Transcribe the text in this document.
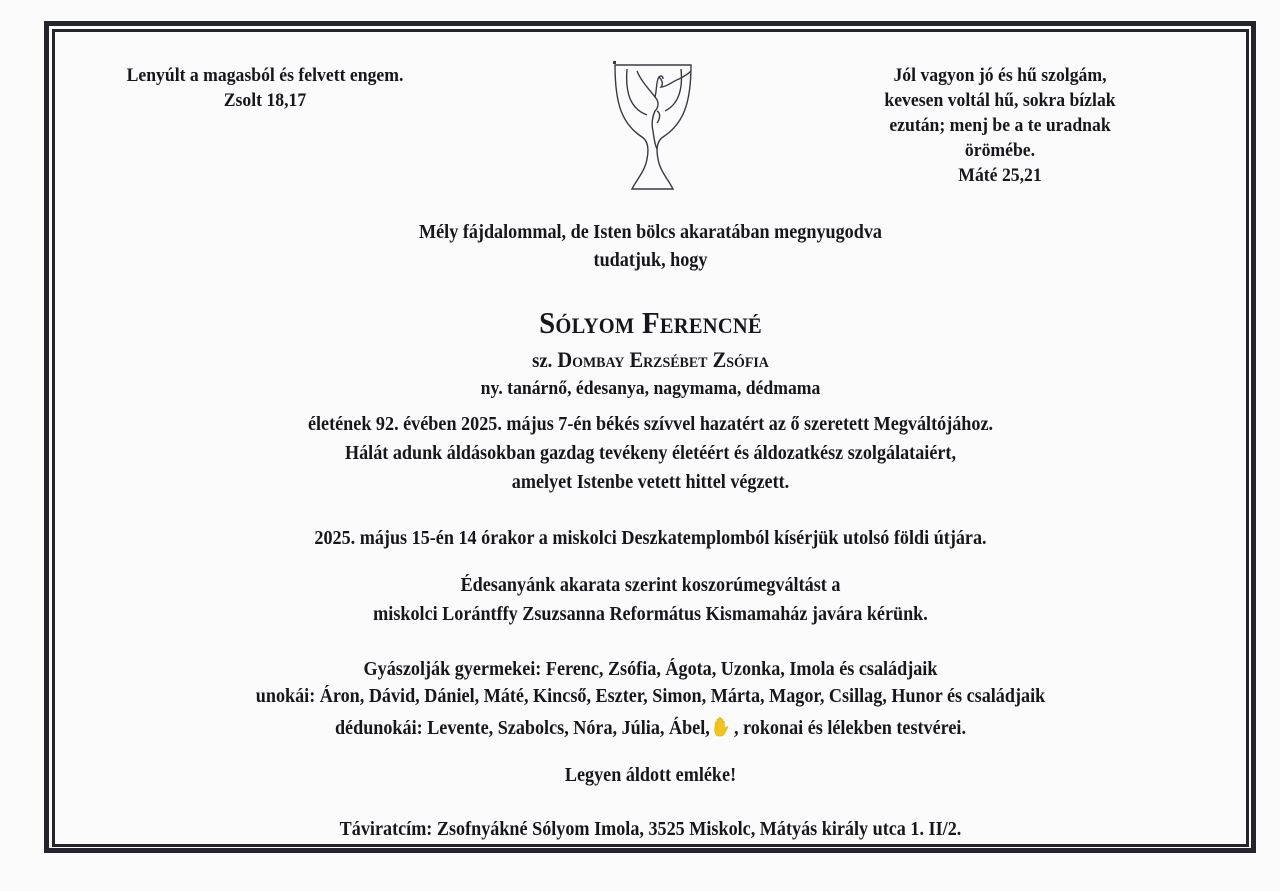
Lenyúlt a magasból és felvett engem.
Zsolt 18,17
Jól vagyon jó és hű szolgám,
kevesen voltál hű, sokra bízlak
ezután; menj be a te uradnak
örömébe.
Máté 25,21
Mély fájdalommal, de Isten bölcs akaratában megnyugodva
tudatjuk, hogy
Sólyom Ferencné
sz. Dombay Erzsébet Zsófia
ny. tanárnő, édesanya, nagymama, dédmama
életének 92. évében 2025. május 7-én békés szívvel hazatért az ő szeretett Megváltójához.
Hálát adunk áldásokban gazdag tevékeny életéért és áldozatkész szolgálataiért,
amelyet Istenbe vetett hittel végzett.
2025. május 15-én 14 órakor a miskolci Deszkatemplomból kísérjük utolsó földi útjára.
Édesanyánk akarata szerint koszorúmegváltást a
miskolci Lorántffy Zsuzsanna Református Kismamaház javára kérünk.
Gyászolják gyermekei: Ferenc, Zsófia, Ágota, Uzonka, Imola és családjaik
unokái: Áron, Dávid, Dániel, Máté, Kincső, Eszter, Simon, Márta, Magor, Csillag, Hunor és családjaik
dédunokái: Levente, Szabolcs, Nóra, Júlia, Ábel, , rokonai és lélekben testvérei.
Legyen áldott emléke!
Táviratcím: Zsofnyákné Sólyom Imola, 3525 Miskolc, Mátyás király utca 1. II/2.
